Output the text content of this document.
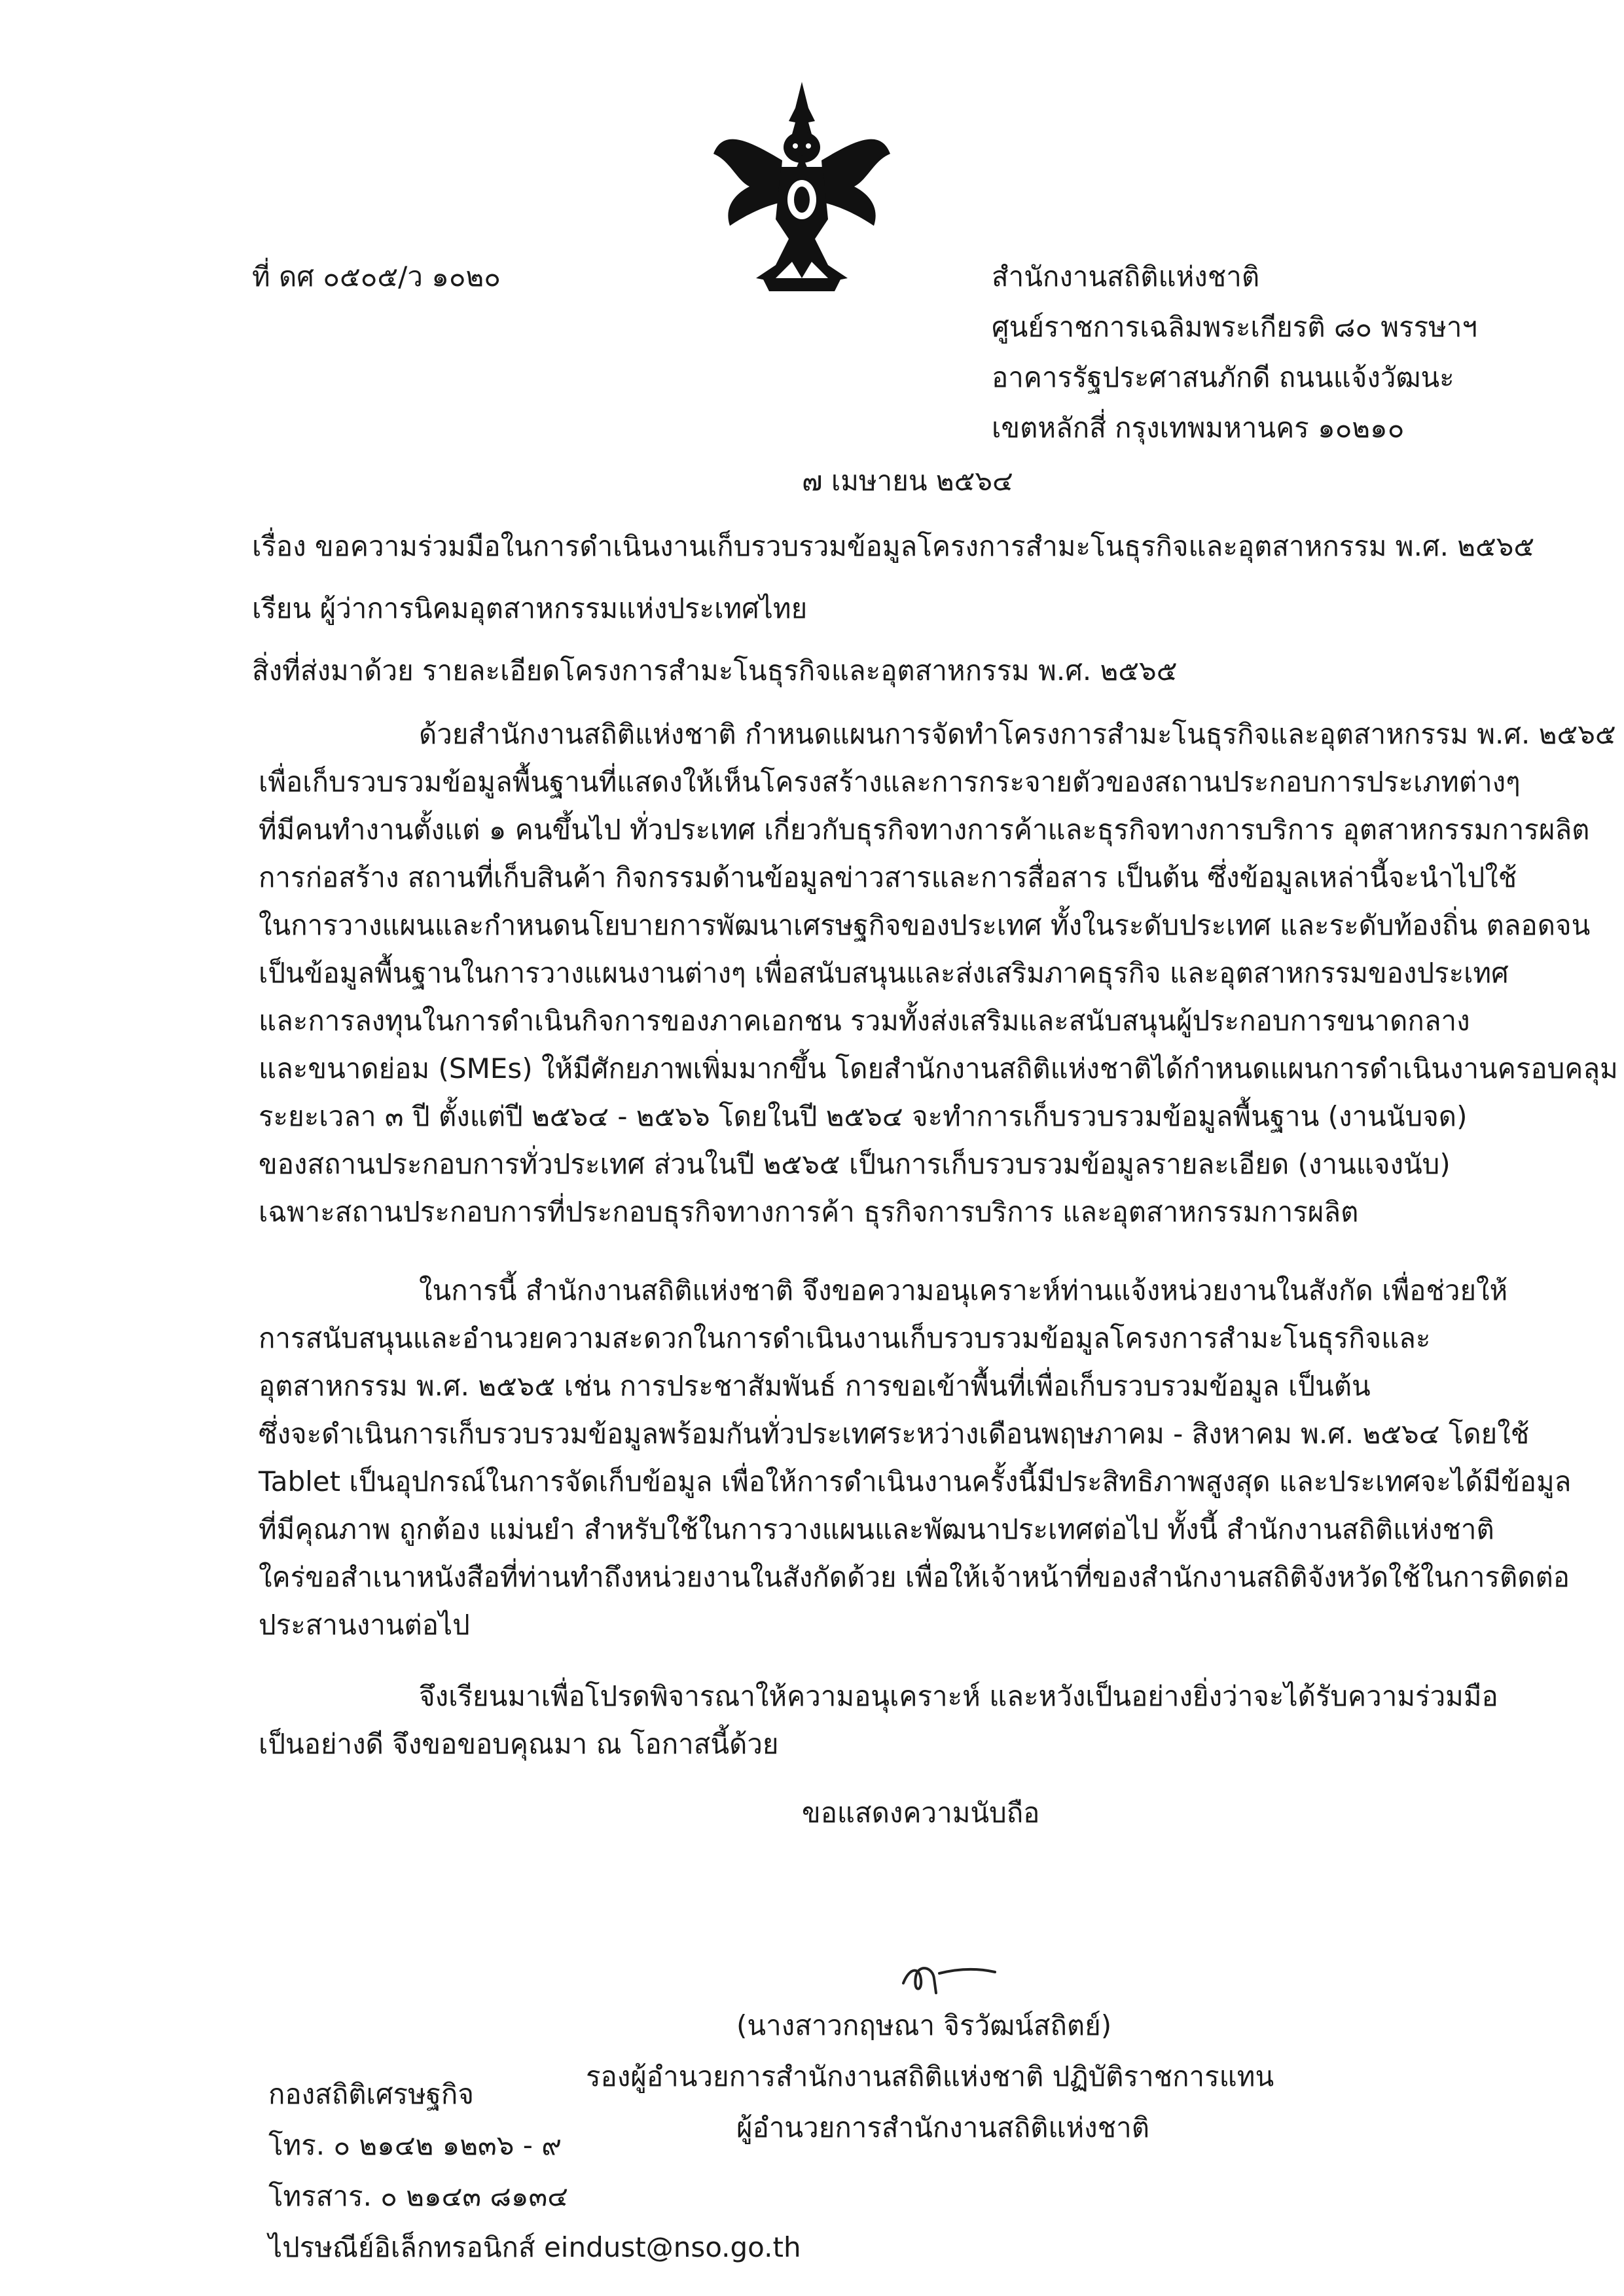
ที่ ดศ ๐๕๐๕/ว ๑๐๒๐	สำนักงานสถิติแห่งชาติ
ศูนย์ราชการเฉลิมพระเกียรติ ๘๐ พรรษาฯ
อาคารรัฐประศาสนภักดี ถนนแจ้งวัฒนะ
เขตหลักสี่ กรุงเทพมหานคร ๑๐๒๑๐
๗ เมษายน ๒๕๖๔
เรื่อง ขอความร่วมมือในการดำเนินงานเก็บรวบรวมข้อมูลโครงการสำมะโนธุรกิจและอุตสาหกรรม พ.ศ. ๒๕๖๕
เรียน ผู้ว่าการนิคมอุตสาหกรรมแห่งประเทศไทย
สิ่งที่ส่งมาด้วย รายละเอียดโครงการสำมะโนธุรกิจและอุตสาหกรรม พ.ศ. ๒๕๖๕
ด้วยสำนักงานสถิติแห่งชาติ กำหนดแผนการจัดทำโครงการสำมะโนธุรกิจและอุตสาหกรรม พ.ศ. ๒๕๖๕
เพื่อเก็บรวบรวมข้อมูลพื้นฐานที่แสดงให้เห็นโครงสร้างและการกระจายตัวของสถานประกอบการประเภทต่างๆ
ที่มีคนทำงานตั้งแต่ ๑ คนขึ้นไป ทั่วประเทศ เกี่ยวกับธุรกิจทางการค้าและธุรกิจทางการบริการ อุตสาหกรรมการผลิต
การก่อสร้าง สถานที่เก็บสินค้า กิจกรรมด้านข้อมูลข่าวสารและการสื่อสาร เป็นต้น ซึ่งข้อมูลเหล่านี้จะนำไปใช้
ในการวางแผนและกำหนดนโยบายการพัฒนาเศรษฐกิจของประเทศ ทั้งในระดับประเทศ และระดับท้องถิ่น ตลอดจน
เป็นข้อมูลพื้นฐานในการวางแผนงานต่างๆ เพื่อสนับสนุนและส่งเสริมภาคธุรกิจ และอุตสาหกรรมของประเทศ
และการลงทุนในการดำเนินกิจการของภาคเอกชน รวมทั้งส่งเสริมและสนับสนุนผู้ประกอบการขนาดกลาง
และขนาดย่อม (SMEs) ให้มีศักยภาพเพิ่มมากขึ้น โดยสำนักงานสถิติแห่งชาติได้กำหนดแผนการดำเนินงานครอบคลุม
ระยะเวลา ๓ ปี ตั้งแต่ปี ๒๕๖๔ - ๒๕๖๖ โดยในปี ๒๕๖๔ จะทำการเก็บรวบรวมข้อมูลพื้นฐาน (งานนับจด)
ของสถานประกอบการทั่วประเทศ ส่วนในปี ๒๕๖๕ เป็นการเก็บรวบรวมข้อมูลรายละเอียด (งานแจงนับ)
เฉพาะสถานประกอบการที่ประกอบธุรกิจทางการค้า ธุรกิจการบริการ และอุตสาหกรรมการผลิต
ในการนี้ สำนักงานสถิติแห่งชาติ จึงขอความอนุเคราะห์ท่านแจ้งหน่วยงานในสังกัด เพื่อช่วยให้
การสนับสนุนและอำนวยความสะดวกในการดำเนินงานเก็บรวบรวมข้อมูลโครงการสำมะโนธุรกิจและ
อุตสาหกรรม พ.ศ. ๒๕๖๕ เช่น การประชาสัมพันธ์ การขอเข้าพื้นที่เพื่อเก็บรวบรวมข้อมูล เป็นต้น
ซึ่งจะดำเนินการเก็บรวบรวมข้อมูลพร้อมกันทั่วประเทศระหว่างเดือนพฤษภาคม - สิงหาคม พ.ศ. ๒๕๖๔ โดยใช้
Tablet เป็นอุปกรณ์ในการจัดเก็บข้อมูล เพื่อให้การดำเนินงานครั้งนี้มีประสิทธิภาพสูงสุด และประเทศจะได้มีข้อมูล
ที่มีคุณภาพ ถูกต้อง แม่นยำ สำหรับใช้ในการวางแผนและพัฒนาประเทศต่อไป ทั้งนี้ สำนักงานสถิติแห่งชาติ
ใคร่ขอสำเนาหนังสือที่ท่านทำถึงหน่วยงานในสังกัดด้วย เพื่อให้เจ้าหน้าที่ของสำนักงานสถิติจังหวัดใช้ในการติดต่อ
ประสานงานต่อไป
จึงเรียนมาเพื่อโปรดพิจารณาให้ความอนุเคราะห์ และหวังเป็นอย่างยิ่งว่าจะได้รับความร่วมมือ
เป็นอย่างดี จึงขอขอบคุณมา ณ โอกาสนี้ด้วย
ขอแสดงความนับถือ
(นางสาวกฤษณา จิรวัฒน์สถิตย์)
รองผู้อำนวยการสำนักงานสถิติแห่งชาติ ปฏิบัติราชการแทน
ผู้อำนวยการสำนักงานสถิติแห่งชาติ
กองสถิติเศรษฐกิจ
โทร. ๐ ๒๑๔๒ ๑๒๓๖ - ๙
โทรสาร. ๐ ๒๑๔๓ ๘๑๓๔
ไปรษณีย์อิเล็กทรอนิกส์ eindust@nso.go.th
